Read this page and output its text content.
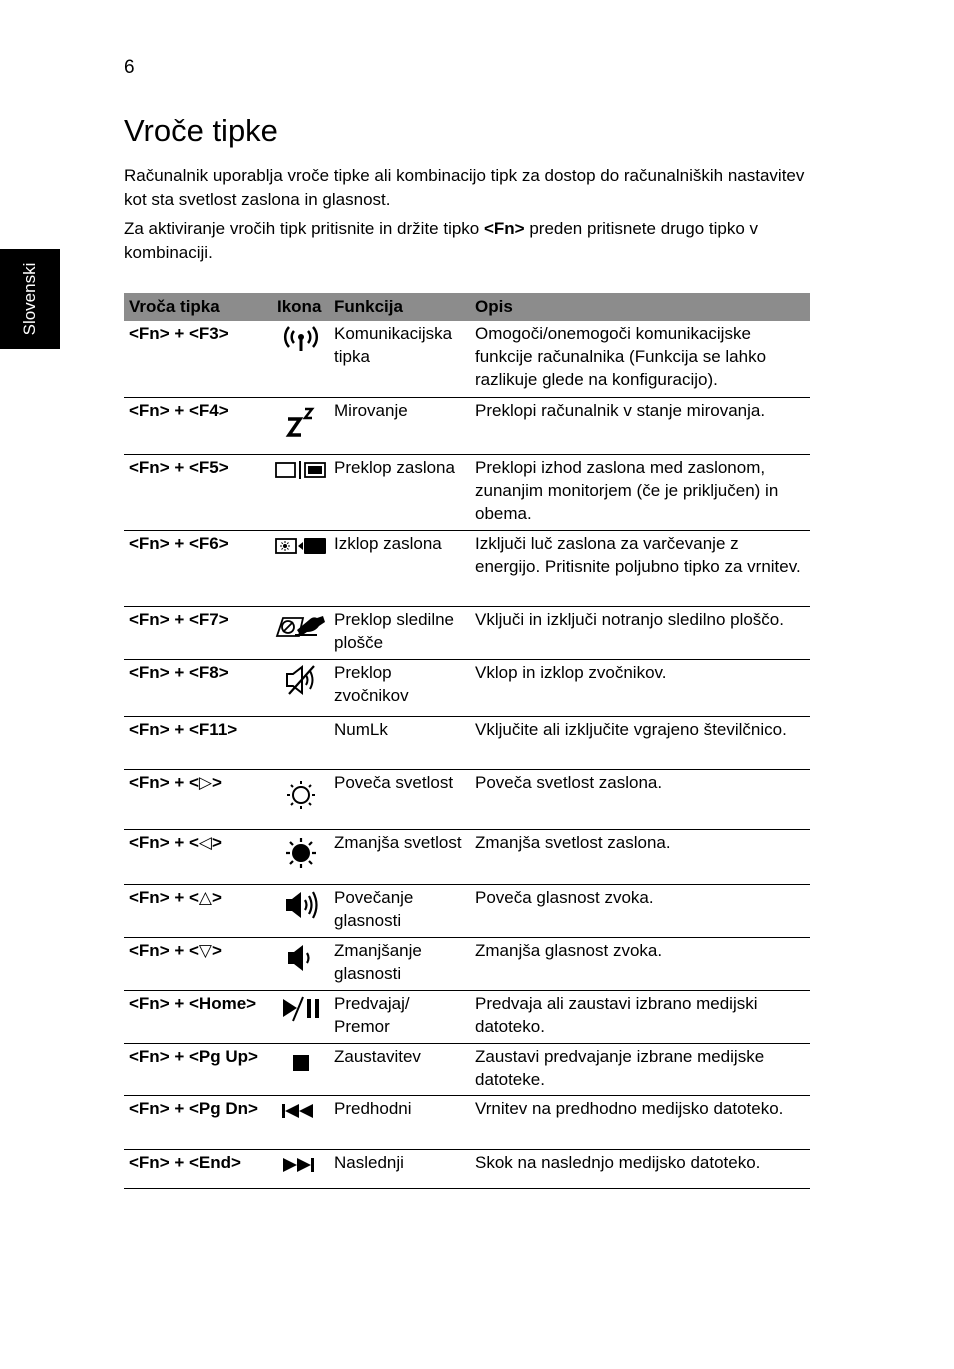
6
Slovenski
Vroče tipke

Računalnik uporablja vroče tipke ali kombinacijo tipk za dostop do računalniških nastavitev kot sta svetlost zaslona in glasnost.

Za aktiviranje vročih tipk pritisnite in držite tipko <Fn> preden pritisnete drugo tipko v kombinaciji.

Vroča tipka	Ikona	Funkcija	Opis
<Fn> + <F3>		Komunikacijska tipka	Omogoči/onemogoči komunikacijske funkcije računalnika (Funkcija se lahko razlikuje glede na konfiguracijo).
<Fn> + <F4>		Mirovanje	Preklopi računalnik v stanje mirovanja.
<Fn> + <F5>		Preklop zaslona	Preklopi izhod zaslona med zaslonom, zunanjim monitorjem (če je priključen) in obema.
<Fn> + <F6>		Izklop zaslona	Izključi luč zaslona za varčevanje z energijo. Pritisnite poljubno tipko za vrnitev.
<Fn> + <F7>		Preklop sledilne plošče	Vključi in izključi notranjo sledilno ploščo.
<Fn> + <F8>		Preklop zvočnikov	Vklop in izklop zvočnikov.
<Fn> + <F11>		NumLk	Vključite ali izključite vgrajeno številčnico.
<Fn> + <▷>		Poveča svetlost	Poveča svetlost zaslona.
<Fn> + <◁>		Zmanjša svetlost	Zmanjša svetlost zaslona.
<Fn> + <△>		Povečanje glasnosti	Poveča glasnost zvoka.
<Fn> + <▽>		Zmanjšanje glasnosti	Zmanjša glasnost zvoka.
<Fn> + <Home>		Predvajaj/ Premor	Predvaja ali zaustavi izbrano medijski datoteko.
<Fn> + <Pg Up>		Zaustavitev	Zaustavi predvajanje izbrane medijske datoteke.
<Fn> + <Pg Dn>		Predhodni	Vrnitev na predhodno medijsko datoteko.
<Fn> + <End>		Naslednji	Skok na naslednjo medijsko datoteko.
